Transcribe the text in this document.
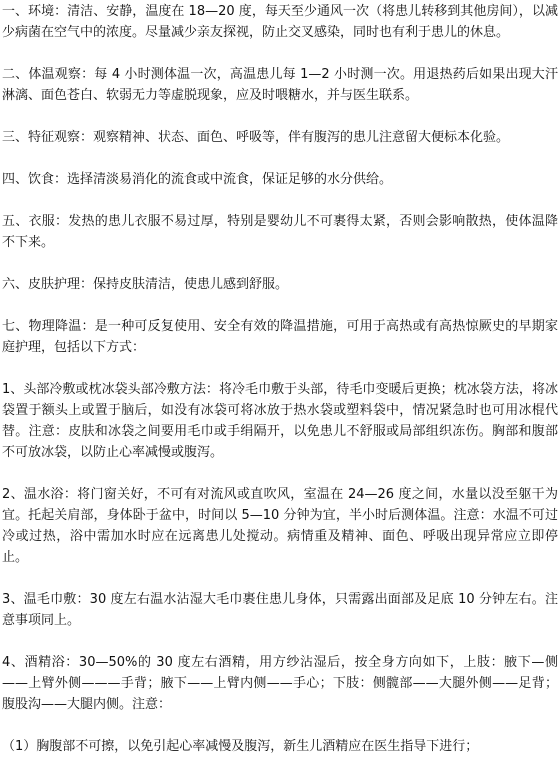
一、环境：清洁、安静，温度在 18—20 度，每天至少通风一次（将患儿转移到其他房间），以减少病菌在空气中的浓度。尽量减少亲友探视，防止交叉感染，同时也有利于患儿的休息。

二、体温观察：每 4 小时测体温一次，高温患儿每 1—2 小时测一次。用退热药后如果出现大汗淋漓、面色苍白、软弱无力等虚脱现象，应及时喂糖水，并与医生联系。

三、特征观察：观察精神、状态、面色、呼吸等，伴有腹泻的患儿注意留大便标本化验。

四、饮食：选择清淡易消化的流食或中流食，保证足够的水分供给。

五、衣服：发热的患儿衣服不易过厚，特别是婴幼儿不可裹得太紧，否则会影响散热，使体温降不下来。

六、皮肤护理：保持皮肤清洁，使患儿感到舒服。

七、物理降温：是一种可反复使用、安全有效的降温措施，可用于高热或有高热惊厥史的早期家庭护理，包括以下方式：

1、头部冷敷或枕冰袋头部冷敷方法：将冷毛巾敷于头部，待毛巾变暖后更换；枕冰袋方法，将冰袋置于额头上或置于脑后，如没有冰袋可将冰放于热水袋或塑料袋中，情况紧急时也可用冰棍代替。注意：皮肤和冰袋之间要用毛巾或手绢隔开，以免患儿不舒服或局部组织冻伤。胸部和腹部不可放冰袋，以防止心率减慢或腹泻。

2、温水浴：将门窗关好，不可有对流风或直吹风，室温在 24—26 度之间，水量以没至躯干为宜。托起关肩部，身体卧于盆中，时间以 5—10 分钟为宜，半小时后测体温。注意：水温不可过冷或过热，浴中需加水时应在远离患儿处搅动。病情重及精神、面色、呼吸出现异常应立即停止。

3、温毛巾敷：30 度左右温水沾湿大毛巾裹住患儿身体，只需露出面部及足底 10 分钟左右。注意事项同上。

4、酒精浴：30—50%的 30 度左右酒精，用方纱沾湿后，按全身方向如下，上肢：腋下—侧——上臂外侧———手背；腋下——上臂内侧——手心；下肢：侧髋部——大腿外侧——足背；腹股沟——大腿内侧。注意：

（1）胸腹部不可擦，以免引起心率减慢及腹泻，新生儿酒精应在医生指导下进行；
